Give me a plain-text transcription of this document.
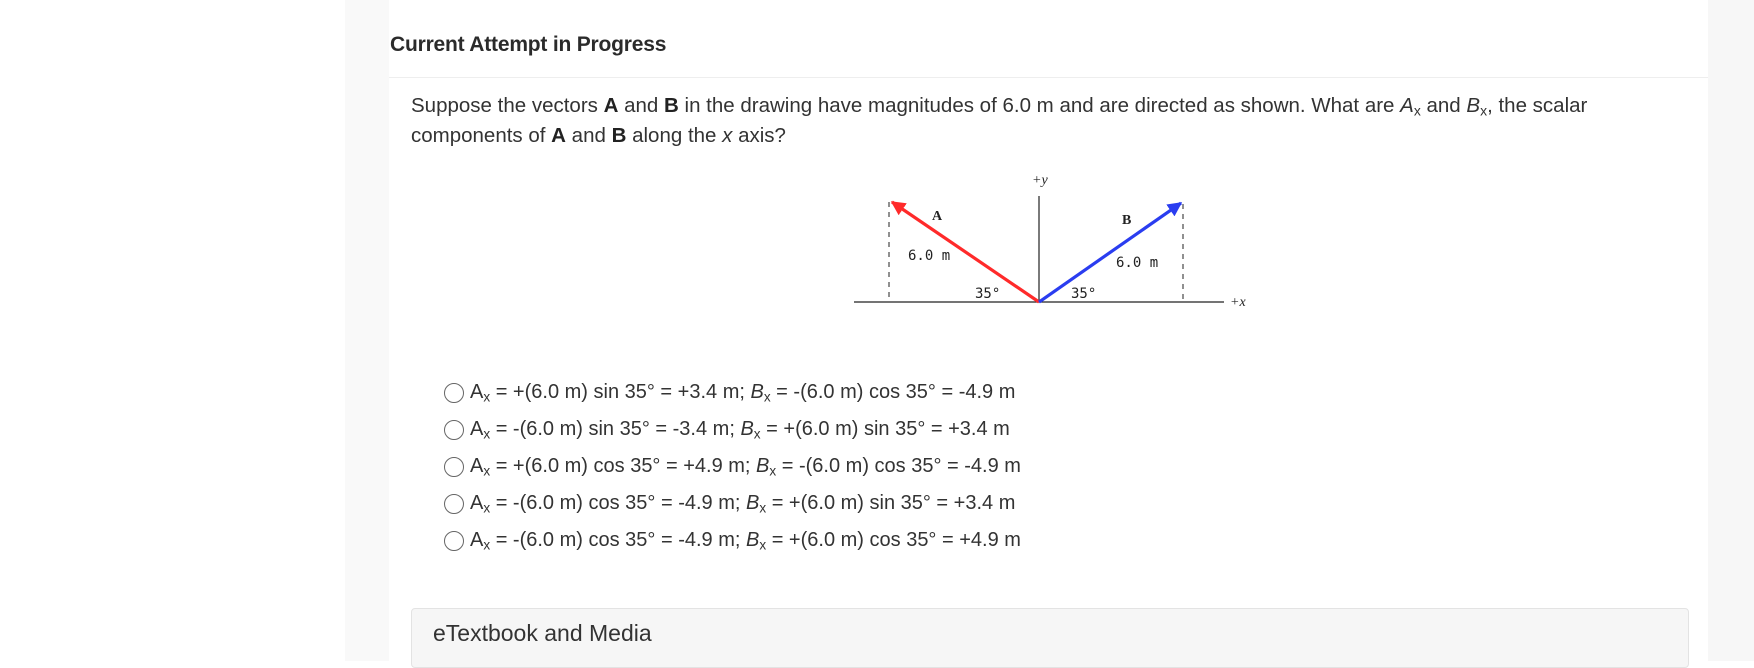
Current Attempt in Progress
Suppose the vectors A and B in the drawing have magnitudes of 6.0 m and are directed as shown. What are $A_x$ and $B_x$, the scalar components of A and B along the x axis?
+y
+x
A	B
6.0 m	6.0 m
35°	35°
$A_x = +(6.0$ m) sin 35° = +3.4 m; $B_x = -(6.0$ m) cos 35° = -4.9 m
$A_x = -(6.0$ m) sin 35° = -3.4 m; $B_x = +(6.0$ m) sin 35° = +3.4 m
$A_x = +(6.0$ m) cos 35° = +4.9 m; $B_x = -(6.0$ m) cos 35° = -4.9 m
$A_x = -(6.0$ m) cos 35° = -4.9 m; $B_x = +(6.0$ m) sin 35° = +3.4 m
$A_x = -(6.0$ m) cos 35° = -4.9 m; $B_x = +(6.0$ m) cos 35° = +4.9 m
eTextbook and Media
